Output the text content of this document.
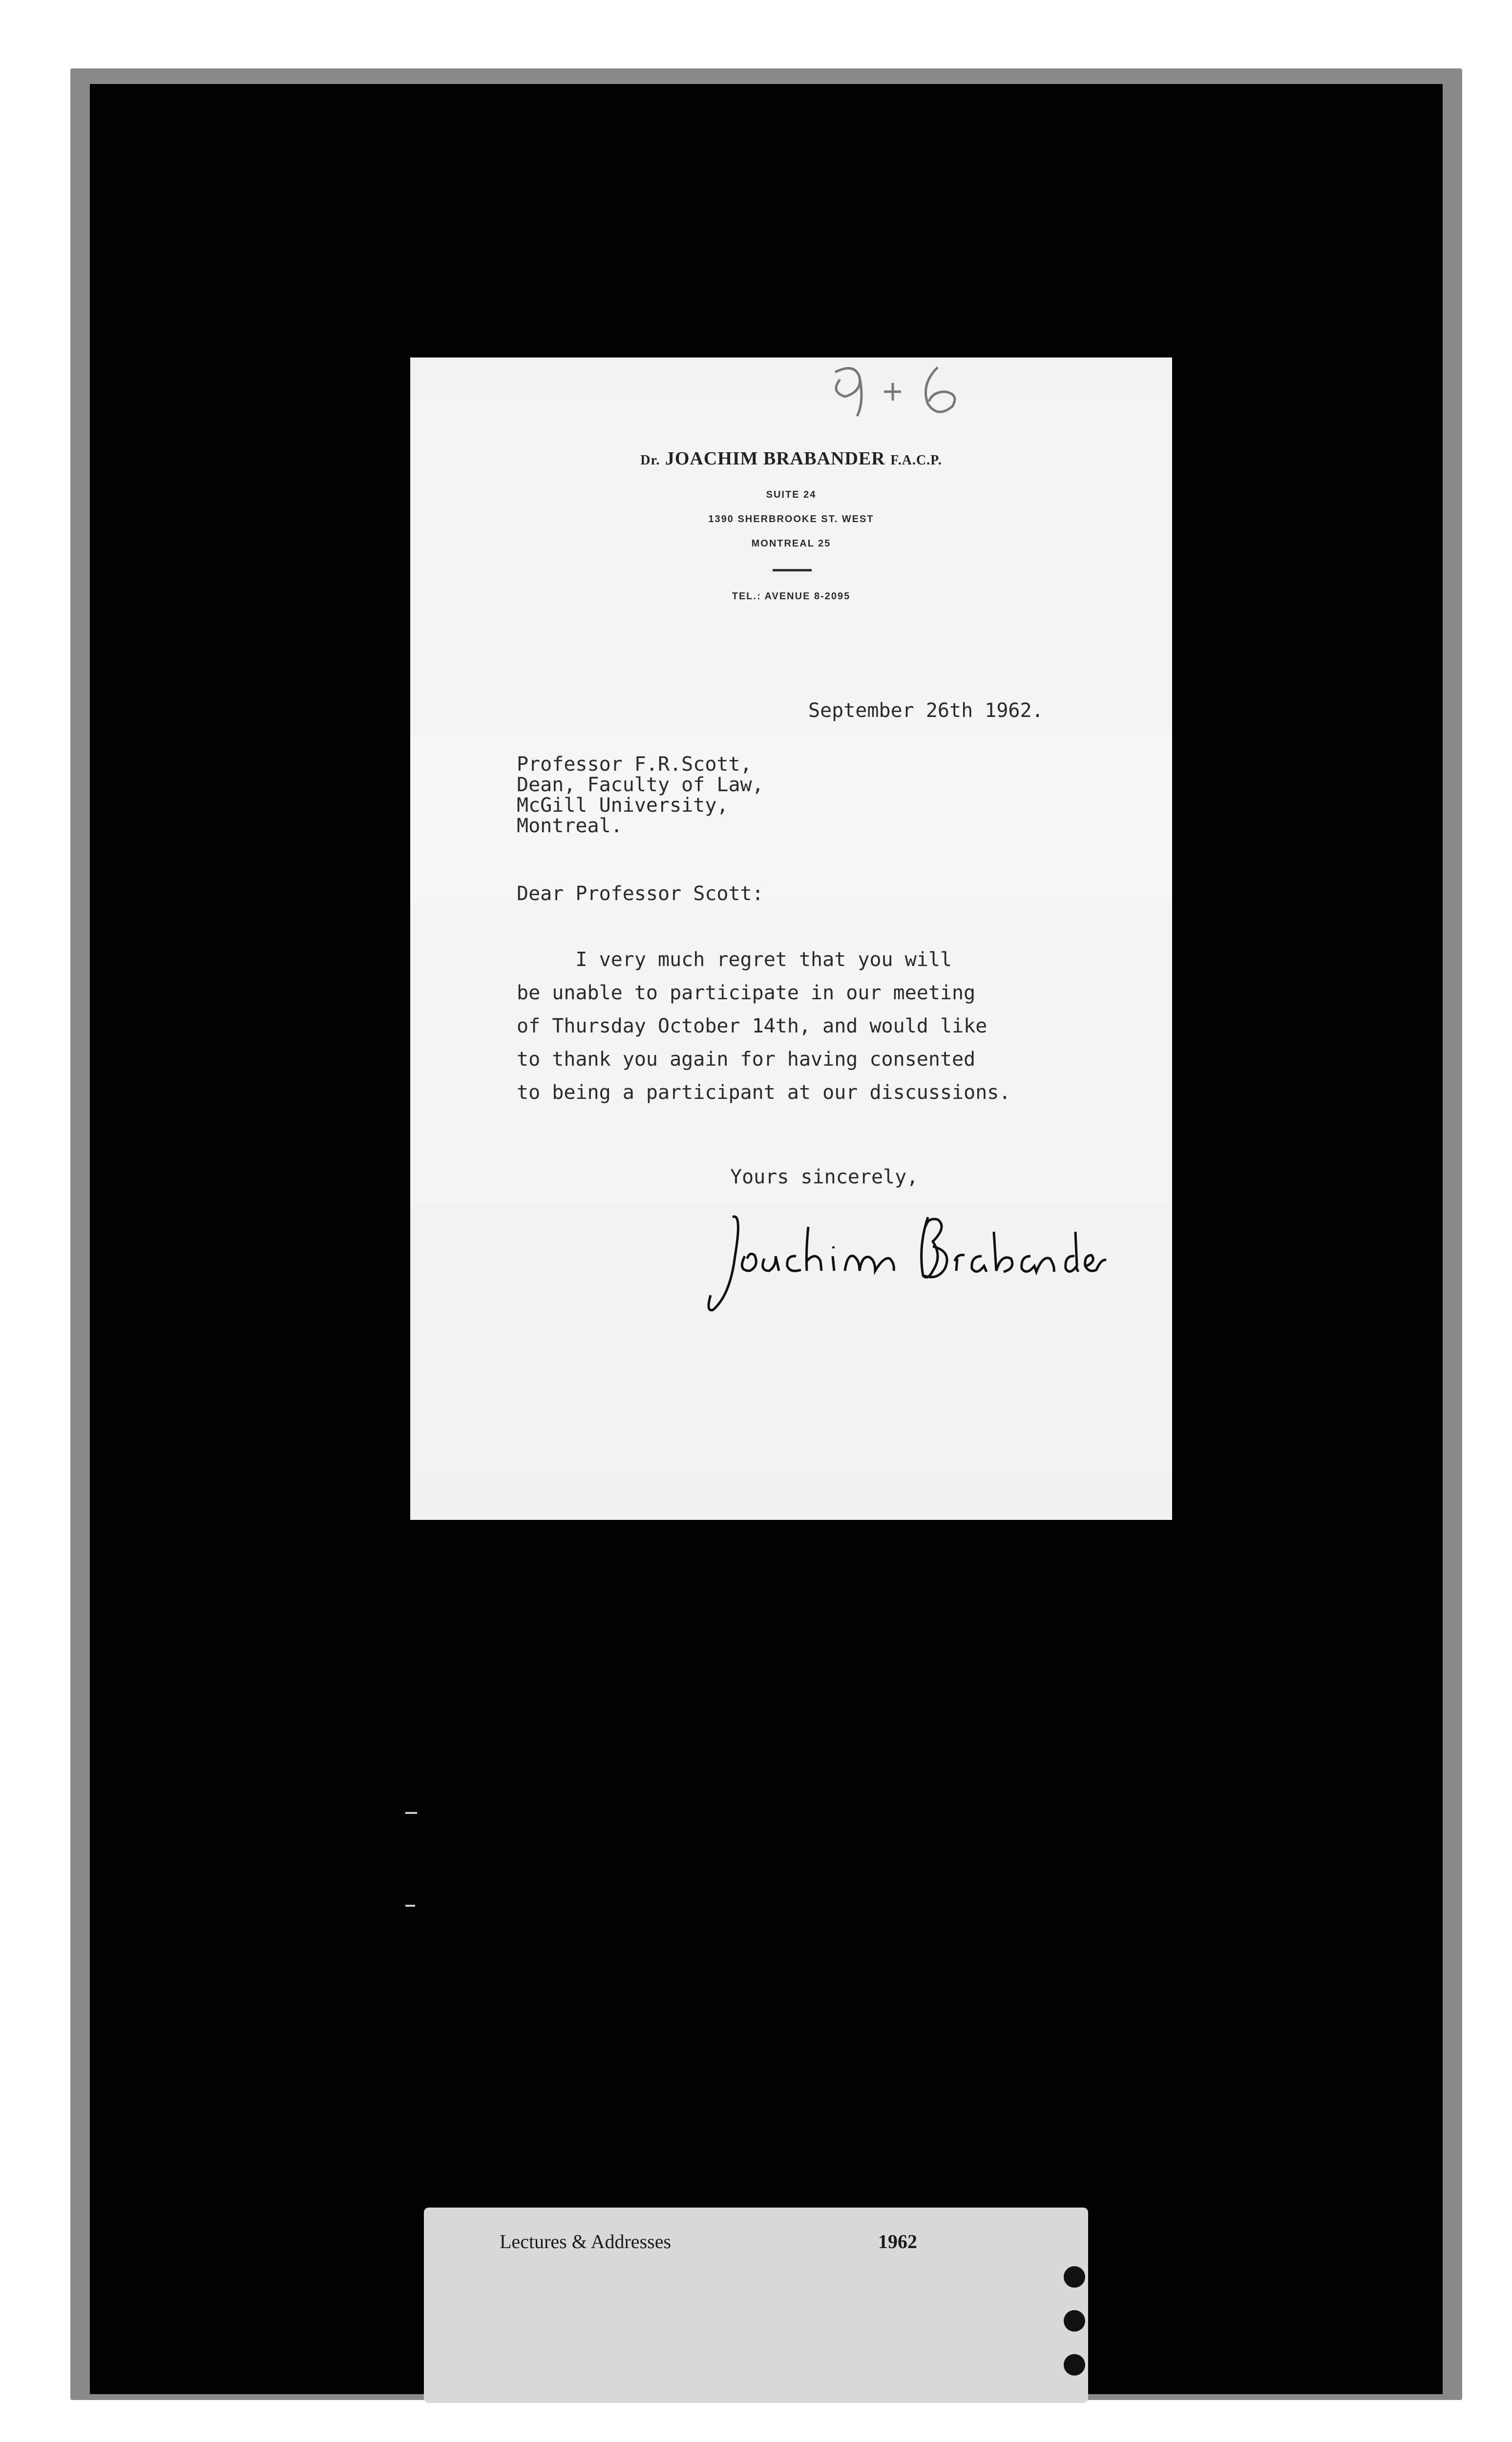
Dr. JOACHIM BRABANDER F.A.C.P.
SUITE 24
1390 SHERBROOKE ST. WEST
MONTREAL 25
TEL.: AVENUE 8-2095
September 26th 1962.
Professor F.R.Scott,
Dean, Faculty of Law,
McGill University,
Montreal.
Dear Professor Scott:
I very much regret that you will
be unable to participate in our meeting
of Thursday October 14th, and would like
to thank you again for having consented
to being a participant at our discussions.
Yours sincerely,
Lectures & Addresses	1962
